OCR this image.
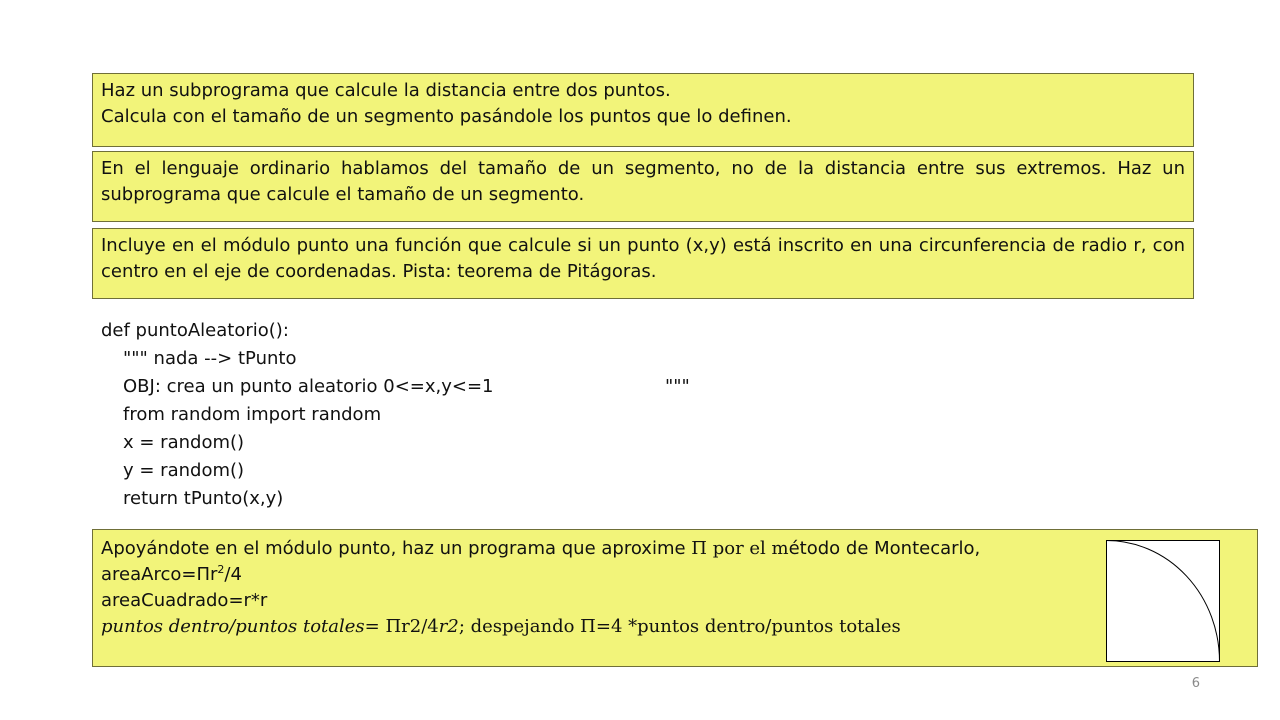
Haz un subprograma que calcule la distancia entre dos puntos.
Calcula con el tamaño de un segmento pasándole los puntos que lo definen.
En el lenguaje ordinario hablamos del tamaño de un segmento, no de la distancia entre sus extremos. Haz un subprograma que calcule el tamaño de un segmento.
Incluye en el módulo punto una función que calcule si un punto (x,y) está inscrito en una circunferencia de radio r, con centro en el eje de coordenadas. Pista: teorema de Pitágoras.
def puntoAleatorio():
""" nada --> tPunto
OBJ: crea un punto aleatorio 0<=x,y<=1	"""
from random import random
x = random()
y = random()
return tPunto(x,y)
Apoyándote en el módulo punto, haz un programa que aproxime Π por el método de Montecarlo,
$areaArco=\Pi r^2/4$
areaCuadrado=r*r
puntos dentro/puntos totales= Πr2/4r2; despejando Π=4 *puntos dentro/puntos totales
6
